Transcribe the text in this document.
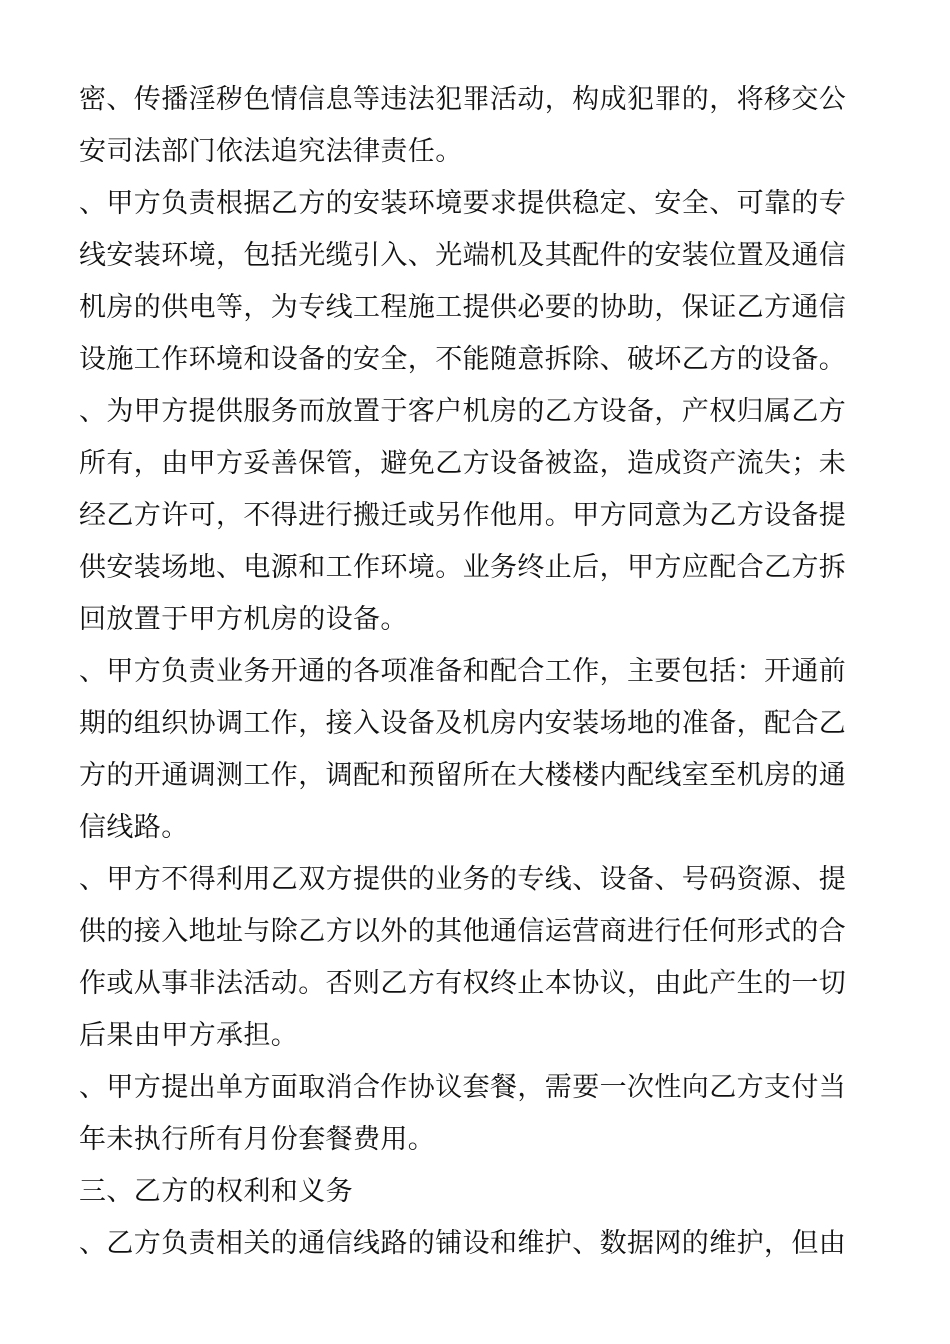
密、传播淫秽色情信息等违法犯罪活动，构成犯罪的，将移交公
安司法部门依法追究法律责任。
、甲方负责根据乙方的安装环境要求提供稳定、安全、可靠的专
线安装环境，包括光缆引入、光端机及其配件的安装位置及通信
机房的供电等，为专线工程施工提供必要的协助，保证乙方通信
设施工作环境和设备的安全，不能随意拆除、破坏乙方的设备。
、为甲方提供服务而放置于客户机房的乙方设备，产权归属乙方
所有，由甲方妥善保管，避免乙方设备被盗，造成资产流失；未
经乙方许可，不得进行搬迁或另作他用。甲方同意为乙方设备提
供安装场地、电源和工作环境。业务终止后，甲方应配合乙方拆
回放置于甲方机房的设备。
、甲方负责业务开通的各项准备和配合工作，主要包括：开通前
期的组织协调工作，接入设备及机房内安装场地的准备，配合乙
方的开通调测工作，调配和预留所在大楼楼内配线室至机房的通
信线路。
、甲方不得利用乙双方提供的业务的专线、设备、号码资源、提
供的接入地址与除乙方以外的其他通信运营商进行任何形式的合
作或从事非法活动。否则乙方有权终止本协议，由此产生的一切
后果由甲方承担。
、甲方提出单方面取消合作协议套餐，需要一次性向乙方支付当
年未执行所有月份套餐费用。
三、乙方的权利和义务
、乙方负责相关的通信线路的铺设和维护、数据网的维护，但由
